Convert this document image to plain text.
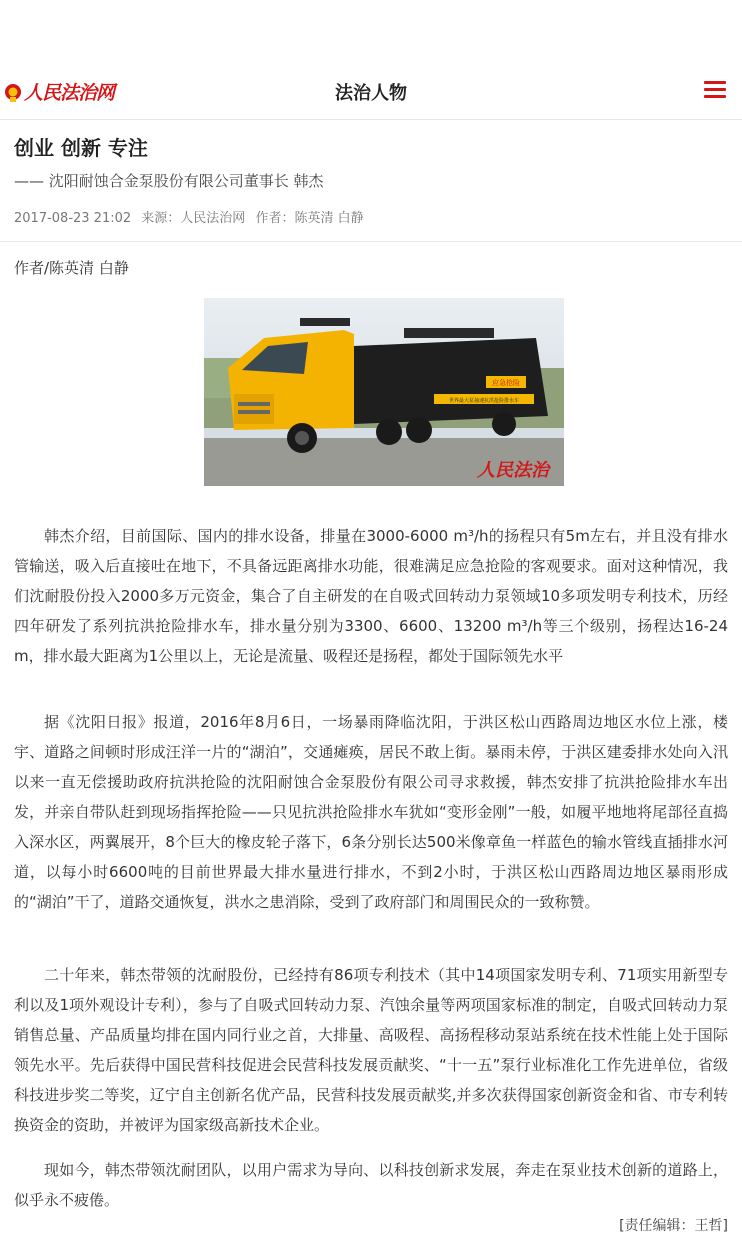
人民法治网	法治人物
创业 创新 专注
—— 沈阳耐蚀合金泵股份有限公司董事长 韩杰
2017-08-23 21:02 来源：人民法治网 作者：陈英清 白静
作者/陈英清 白静
应急抢险
世界最大泵抽速抗洪抢险排水车
人民法治

韩杰介绍，目前国际、国内的排水设备，排量在3000-6000 m³/h的扬程只有5m左右，并且没有排水管输送，吸入后直接吐在地下，不具备远距离排水功能，很难满足应急抢险的客观要求。面对这种情况，我们沈耐股份投入2000多万元资金，集合了自主研发的在自吸式回转动力泵领域10多项发明专利技术，历经四年研发了系列抗洪抢险排水车，排水量分别为3300、6600、13200 m³/h等三个级别，扬程达16-24 m，排水最大距离为1公里以上，无论是流量、吸程还是扬程，都处于国际领先水平

据《沈阳日报》报道，2016年8月6日，一场暴雨降临沈阳，于洪区松山西路周边地区水位上涨，楼宇、道路之间顿时形成汪洋一片的“湖泊”，交通瘫痪，居民不敢上街。暴雨未停，于洪区建委排水处向入汛以来一直无偿援助政府抗洪抢险的沈阳耐蚀合金泵股份有限公司寻求救援，韩杰安排了抗洪抢险排水车出发，并亲自带队赶到现场指挥抢险——只见抗洪抢险排水车犹如“变形金刚”一般，如履平地地将尾部径直捣入深水区，两翼展开，8个巨大的橡皮轮子落下，6条分别长达500米像章鱼一样蓝色的输水管线直插排水河道，以每小时6600吨的目前世界最大排水量进行排水，不到2小时，于洪区松山西路周边地区暴雨形成的“湖泊”干了，道路交通恢复，洪水之患消除，受到了政府部门和周围民众的一致称赞。

二十年来，韩杰带领的沈耐股份，已经持有86项专利技术（其中14项国家发明专利、71项实用新型专利以及1项外观设计专利），参与了自吸式回转动力泵、汽蚀余量等两项国家标准的制定，自吸式回转动力泵销售总量、产品质量均排在国内同行业之首，大排量、高吸程、高扬程移动泵站系统在技术性能上处于国际领先水平。先后获得中国民营科技促进会民营科技发展贡献奖、“十一五”泵行业标准化工作先进单位，省级科技进步奖二等奖，辽宁自主创新名优产品，民营科技发展贡献奖,并多次获得国家创新资金和省、市专利转换资金的资助，并被评为国家级高新技术企业。

现如今，韩杰带领沈耐团队，以用户需求为导向、以科技创新求发展，奔走在泵业技术创新的道路上，似乎永不疲倦。

[责任编辑：王哲]
